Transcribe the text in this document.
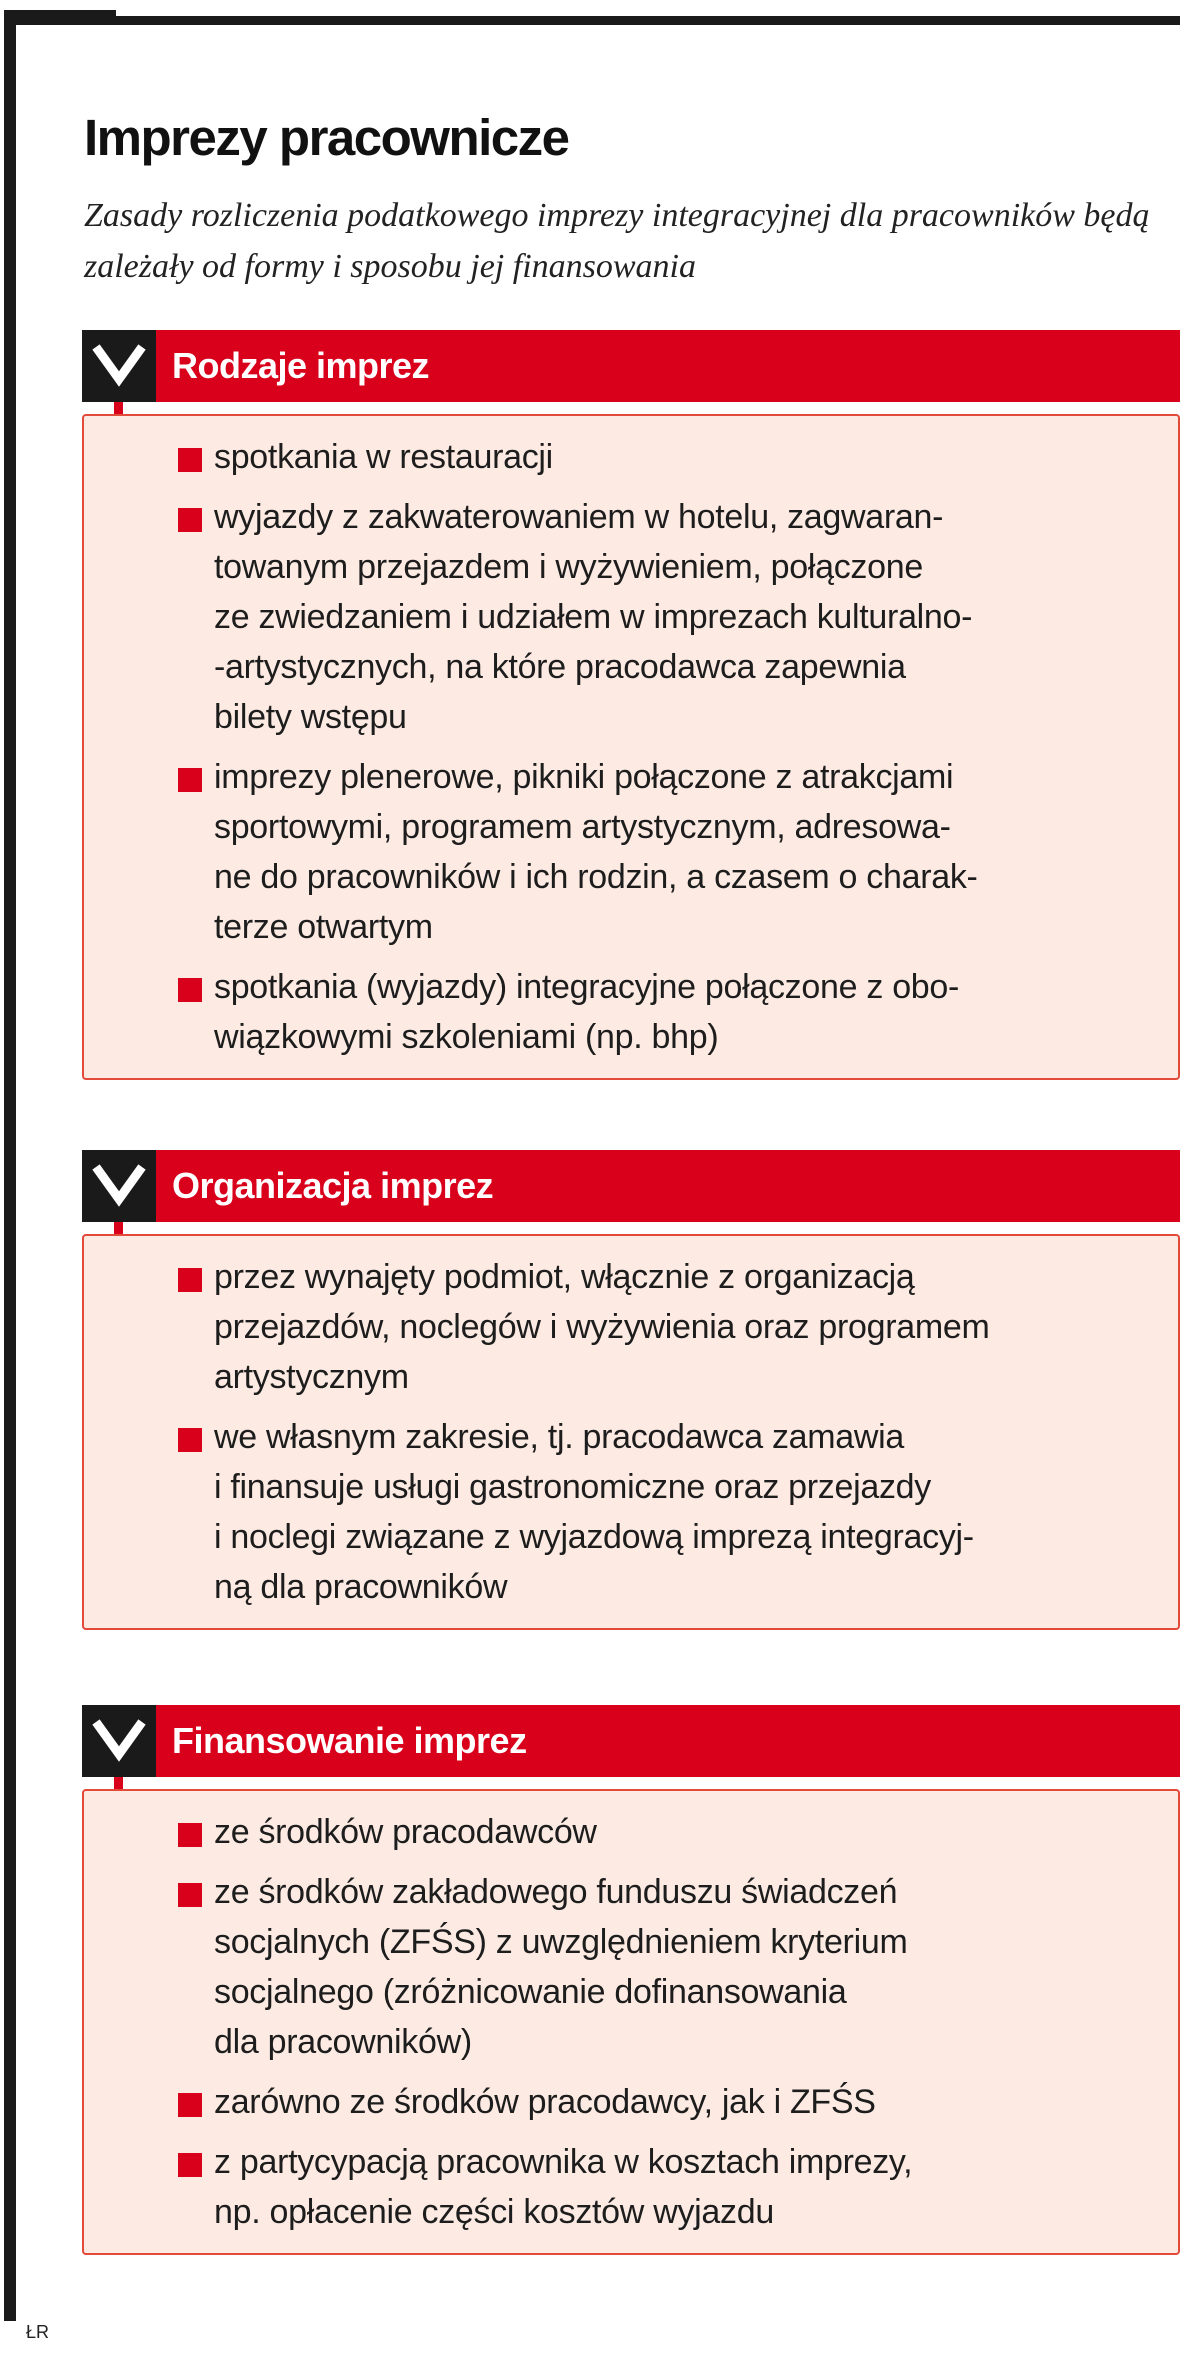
Imprezy pracownicze

Zasady rozliczenia podatkowego imprezy integracyjnej dla pracowników będą zależały od formy i sposobu jej finansowania

Rodzaje imprez
spotkania w restauracji
wyjazdy z zakwaterowaniem w hotelu, zagwaran-
towanym przejazdem i wyżywieniem, połączone
ze zwiedzaniem i udziałem w imprezach kulturalno-
-artystycznych, na które pracodawca zapewnia
bilety wstępu
imprezy plenerowe, pikniki połączone z atrakcjami
sportowymi, programem artystycznym, adresowa-
ne do pracowników i ich rodzin, a czasem o charak-
terze otwartym
spotkania (wyjazdy) integracyjne połączone z obo-
wiązkowymi szkoleniami (np. bhp)
Organizacja imprez
przez wynajęty podmiot, włącznie z organizacją
przejazdów, noclegów i wyżywienia oraz programem
artystycznym
we własnym zakresie, tj. pracodawca zamawia
i finansuje usługi gastronomiczne oraz przejazdy
i noclegi związane z wyjazdową imprezą integracyj-
ną dla pracowników
Finansowanie imprez
ze środków pracodawców
ze środków zakładowego funduszu świadczeń
socjalnych (ZFŚS) z uwzględnieniem kryterium
socjalnego (zróżnicowanie dofinansowania
dla pracowników)
zarówno ze środków pracodawcy, jak i ZFŚS
z partycypacją pracownika w kosztach imprezy,
np. opłacenie części kosztów wyjazdu
ŁR
